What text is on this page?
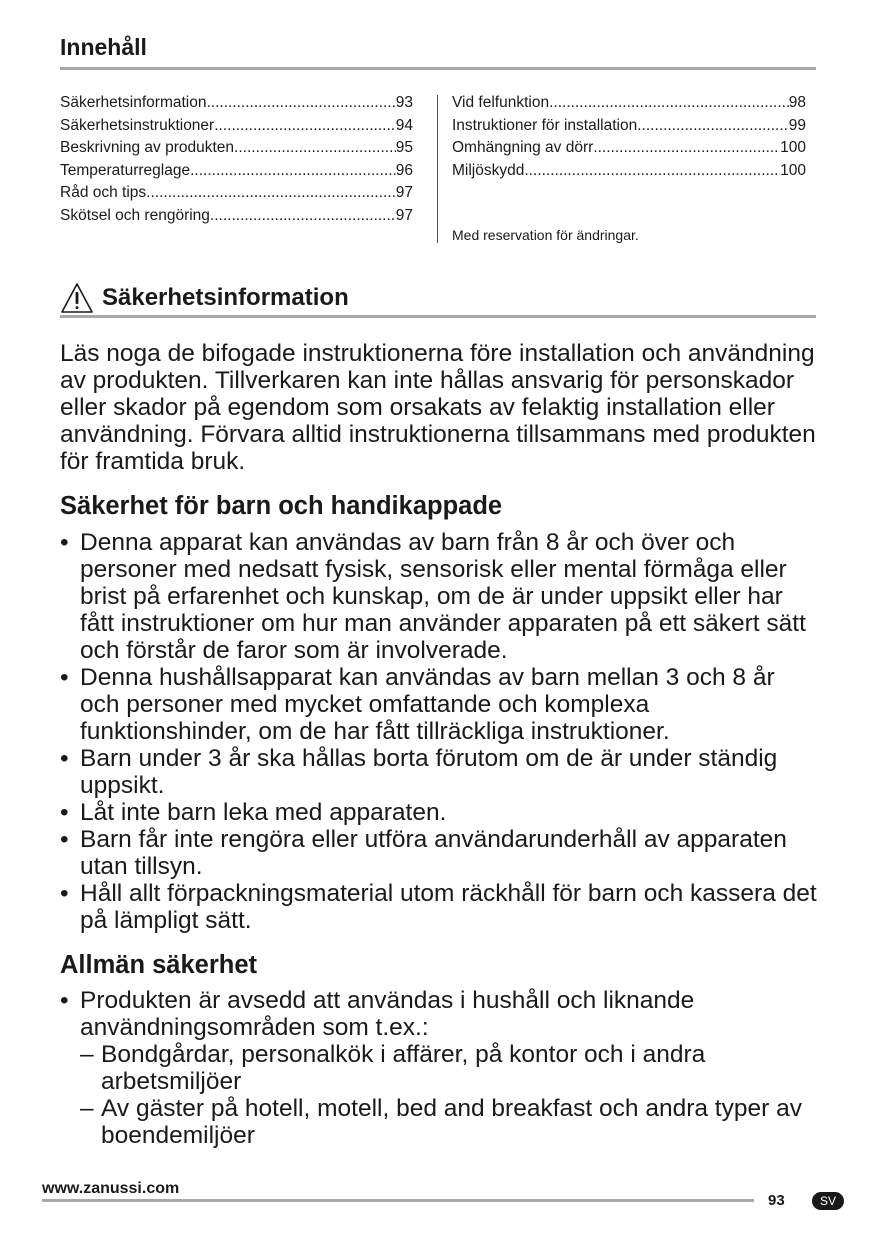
Innehåll
Säkerhetsinformation .....	93
Säkerhetsinstruktioner .....	94
Beskrivning av produkten .....	95
Temperaturreglage .....	96
Råd och tips .....	97
Skötsel och rengöring .....	97
Vid felfunktion .....	98
Instruktioner för installation .....	99
Omhängning av dörr .....	100
Miljöskydd .....	100
Med reservation för ändringar.
Säkerhetsinformation

Läs noga de bifogade instruktionerna före installation och användning av produkten. Tillverkaren kan inte hållas ansvarig för personskador eller skador på egendom som orsakats av felaktig installation eller användning. Förvara alltid instruktionerna tillsammans med produkten för framtida bruk.

Säkerhet för barn och handikappade
• Denna apparat kan användas av barn från 8 år och över och personer med nedsatt fysisk, sensorisk eller mental förmåga eller brist på erfarenhet och kunskap, om de är under uppsikt eller har fått instruktioner om hur man använder apparaten på ett säkert sätt och förstår de faror som är involverade.
• Denna hushållsapparat kan användas av barn mellan 3 och 8 år och personer med mycket omfattande och komplexa funktionshinder, om de har fått tillräckliga instruktioner.
• Barn under 3 år ska hållas borta förutom om de är under ständig uppsikt.
• Låt inte barn leka med apparaten.
• Barn får inte rengöra eller utföra användarunderhåll av apparaten utan tillsyn.
• Håll allt förpackningsmaterial utom räckhåll för barn och kassera det på lämpligt sätt.
Allmän säkerhet
• Produkten är avsedd att användas i hushåll och liknande användningsområden som t.ex.:
– Bondgårdar, personalkök i affärer, på kontor och i andra arbetsmiljöer
– Av gäster på hotell, motell, bed and breakfast och andra typer av boendemiljöer
www.zanussi.com
93	SV
